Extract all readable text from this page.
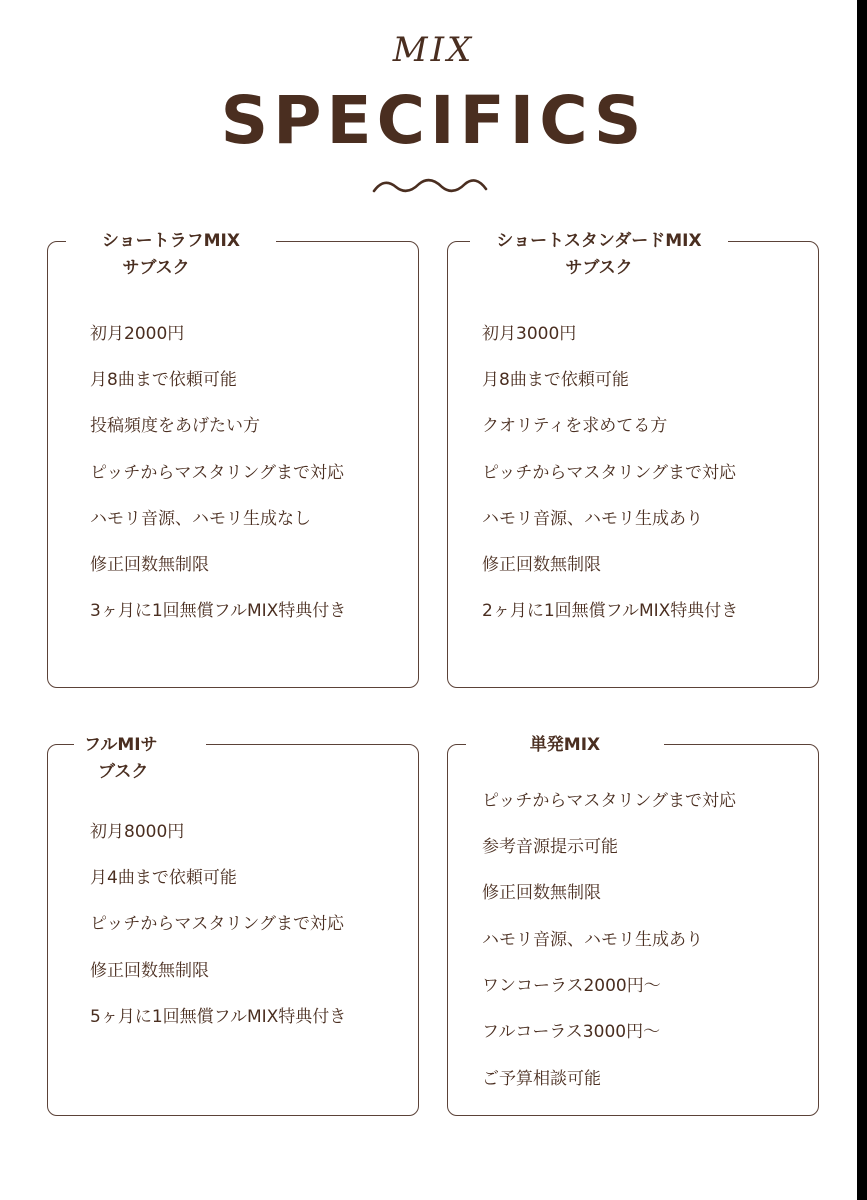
MIX
SPECIFICS
ショートラフMIX
サブスク
初月2000円
月8曲まで依頼可能
投稿頻度をあげたい方
ピッチからマスタリングまで対応
ハモリ音源、ハモリ生成なし
修正回数無制限
3ヶ月に1回無償フルMIX特典付き
ショートスタンダードMIX
サブスク
初月3000円
月8曲まで依頼可能
クオリティを求めてる方
ピッチからマスタリングまで対応
ハモリ音源、ハモリ生成あり
修正回数無制限
2ヶ月に1回無償フルMIX特典付き
フルMIサ
ブスク
初月8000円
月4曲まで依頼可能
ピッチからマスタリングまで対応
修正回数無制限
5ヶ月に1回無償フルMIX特典付き
単発MIX
ピッチからマスタリングまで対応
参考音源提示可能
修正回数無制限
ハモリ音源、ハモリ生成あり
ワンコーラス2000円～
フルコーラス3000円～
ご予算相談可能
